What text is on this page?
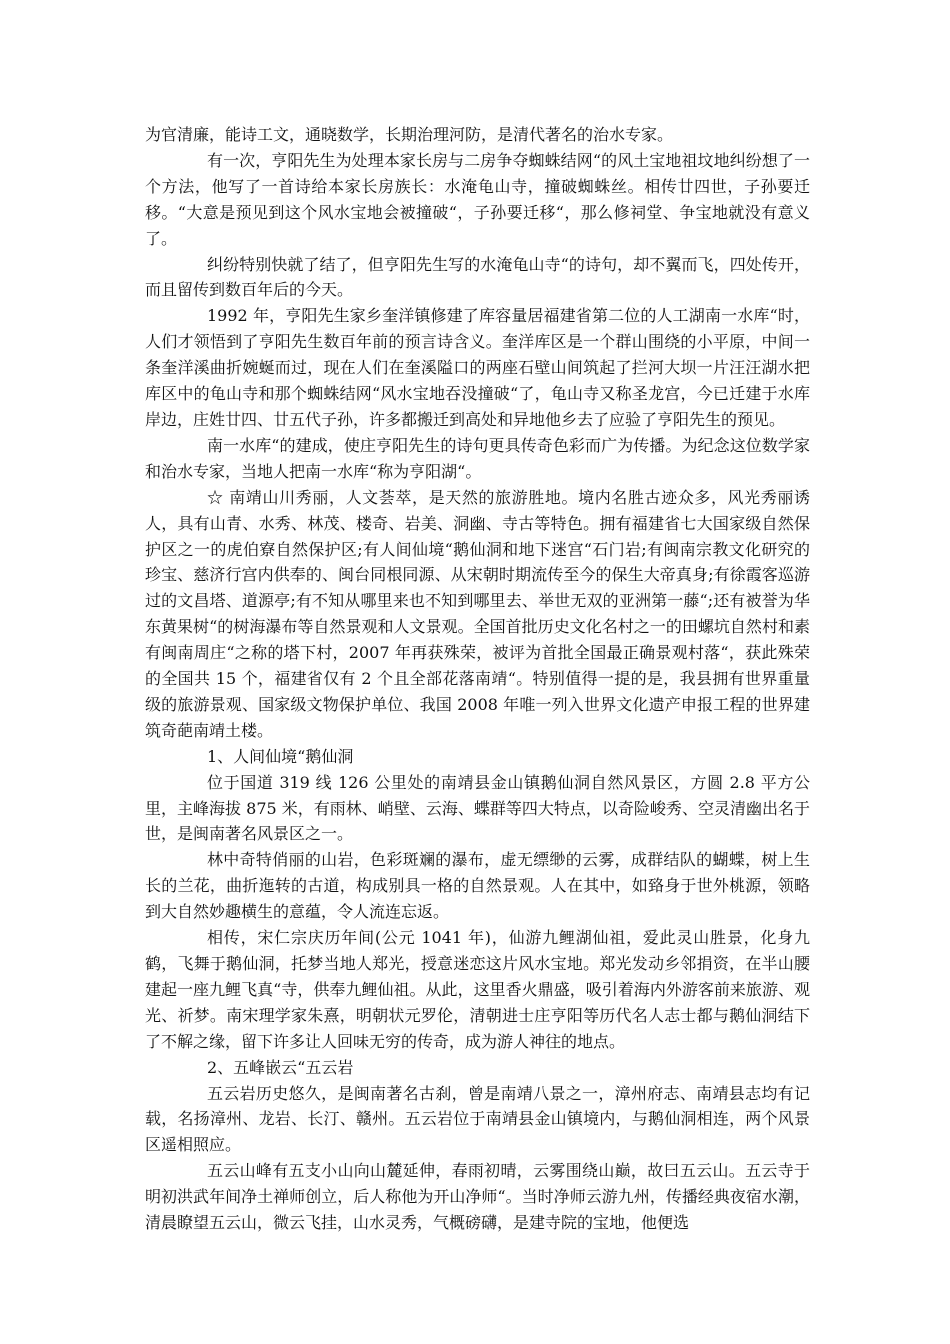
为官清廉，能诗工文，通晓数学，长期治理河防，是清代著名的治水专家。

有一次，亨阳先生为处理本家长房与二房争夺蜘蛛结网“的风土宝地祖坟地纠纷想了一个方法，他写了一首诗给本家长房族长：水淹龟山寺，撞破蜘蛛丝。相传廿四世，子孙要迁移。“大意是预见到这个风水宝地会被撞破“，子孙要迁移“，那么修祠堂、争宝地就没有意义了。

纠纷特别快就了结了，但亨阳先生写的水淹龟山寺“的诗句，却不翼而飞，四处传开，而且留传到数百年后的今天。

1992 年，亨阳先生家乡奎洋镇修建了库容量居福建省第二位的人工湖南一水库“时，人们才领悟到了亨阳先生数百年前的预言诗含义。奎洋库区是一个群山围绕的小平原，中间一条奎洋溪曲折婉蜒而过，现在人们在奎溪隘口的两座石壁山间筑起了拦河大坝一片汪汪湖水把库区中的龟山寺和那个蜘蛛结网“风水宝地吞没撞破“了，龟山寺又称圣龙宫，今已迁建于水库岸边，庄姓廿四、廿五代子孙，许多都搬迁到高处和异地他乡去了应验了亨阳先生的预见。

南一水库“的建成，使庄亨阳先生的诗句更具传奇色彩而广为传播。为纪念这位数学家和治水专家，当地人把南一水库“称为亨阳湖“。

☆ 南靖山川秀丽，人文荟萃，是天然的旅游胜地。境内名胜古迹众多，风光秀丽诱人，具有山青、水秀、林茂、楼奇、岩美、洞幽、寺古等特色。拥有福建省七大国家级自然保护区之一的虎伯寮自然保护区;有人间仙境“鹅仙洞和地下迷宫“石门岩;有闽南宗教文化研究的珍宝、慈济行宫内供奉的、闽台同根同源、从宋朝时期流传至今的保生大帝真身;有徐霞客巡游过的文昌塔、道源亭;有不知从哪里来也不知到哪里去、举世无双的亚洲第一藤“;还有被誉为华东黄果树“的树海瀑布等自然景观和人文景观。全国首批历史文化名村之一的田螺坑自然村和素有闽南周庄“之称的塔下村，2007 年再获殊荣，被评为首批全国最正确景观村落“，获此殊荣的全国共 15 个，福建省仅有 2 个且全部花落南靖“。特别值得一提的是，我县拥有世界重量级的旅游景观、国家级文物保护单位、我国 2008 年唯一列入世界文化遗产申报工程的世界建筑奇葩南靖土楼。

1、人间仙境“鹅仙洞

位于国道 319 线 126 公里处的南靖县金山镇鹅仙洞自然风景区，方圆 2.8 平方公里，主峰海拔 875 米，有雨林、峭壁、云海、蝶群等四大特点，以奇险峻秀、空灵清幽出名于世，是闽南著名风景区之一。

林中奇特俏丽的山岩，色彩斑斓的瀑布，虚无缥缈的云雾，成群结队的蝴蝶，树上生长的兰花，曲折迤转的古道，构成别具一格的自然景观。人在其中，如臵身于世外桃源，领略到大自然妙趣横生的意蕴，令人流连忘返。

相传，宋仁宗庆历年间(公元 1041 年)，仙游九鲤湖仙祖，爱此灵山胜景，化身九鹤，飞舞于鹅仙洞，托梦当地人郑光，授意迷恋这片风水宝地。郑光发动乡邻捐资，在半山腰建起一座九鲤飞真“寺，供奉九鲤仙祖。从此，这里香火鼎盛，吸引着海内外游客前来旅游、观光、祈梦。南宋理学家朱熹，明朝状元罗伦，清朝进士庄亨阳等历代名人志士都与鹅仙洞结下了不解之缘，留下许多让人回味无穷的传奇，成为游人神往的地点。

2、五峰嵌云“五云岩

五云岩历史悠久，是闽南著名古刹，曾是南靖八景之一，漳州府志、南靖县志均有记载，名扬漳州、龙岩、长汀、赣州。五云岩位于南靖县金山镇境内，与鹅仙洞相连，两个风景区遥相照应。

五云山峰有五支小山向山麓延伸，春雨初晴，云雾围绕山巅，故曰五云山。五云寺于明初洪武年间净土禅师创立，后人称他为开山净师“。当时净师云游九州，传播经典夜宿水潮，清晨瞭望五云山，微云飞挂，山水灵秀，气概磅礴，是建寺院的宝地，他便选
